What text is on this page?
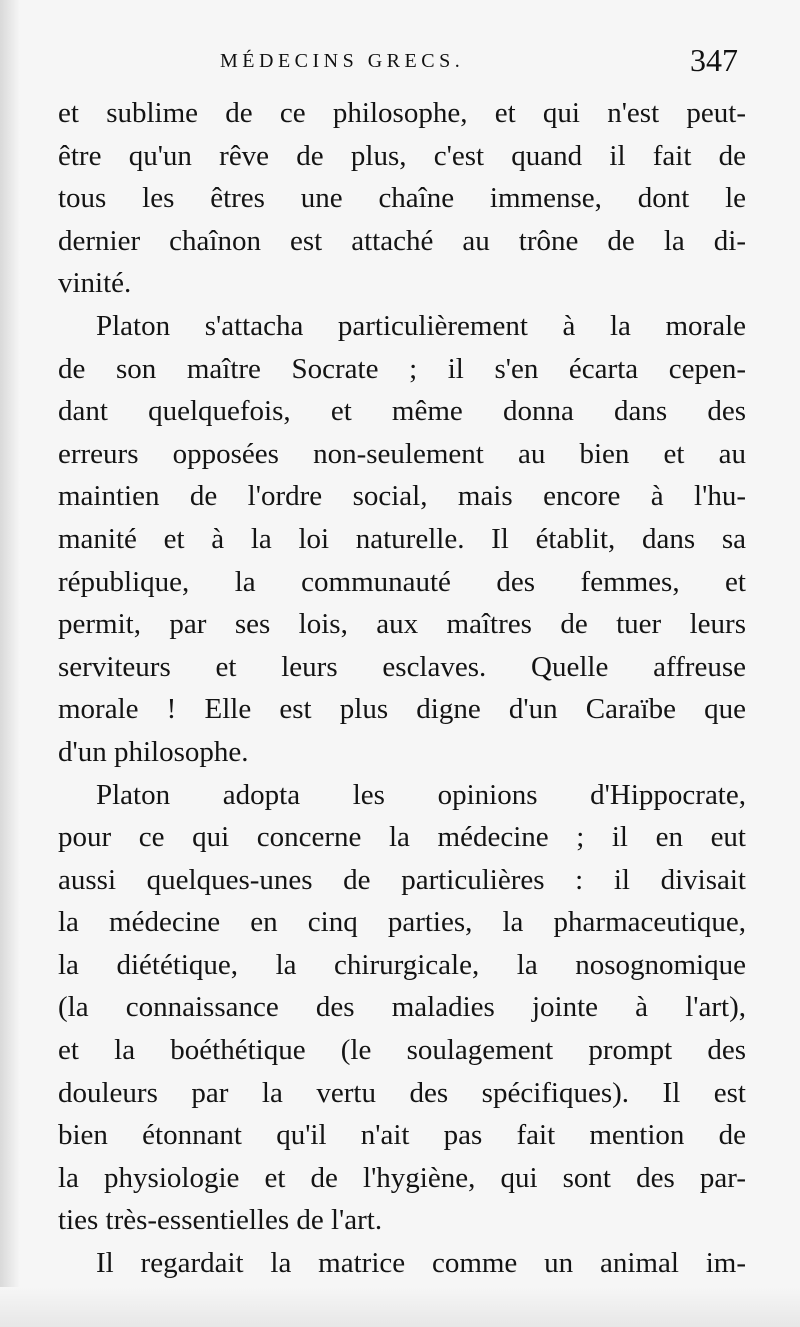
MÉDECINS GRECS.	347
et sublime de ce philosophe, et qui n'est peut-
être qu'un rêve de plus, c'est quand il fait de
tous les êtres une chaîne immense, dont le
dernier chaînon est attaché au trône de la di-
vinité.
Platon s'attacha particulièrement à la morale
de son maître Socrate ; il s'en écarta cepen-
dant quelquefois, et même donna dans des
erreurs opposées non-seulement au bien et au
maintien de l'ordre social, mais encore à l'hu-
manité et à la loi naturelle. Il établit, dans sa
république, la communauté des femmes, et
permit, par ses lois, aux maîtres de tuer leurs
serviteurs et leurs esclaves. Quelle affreuse
morale ! Elle est plus digne d'un Caraïbe que
d'un philosophe.
Platon adopta les opinions d'Hippocrate,
pour ce qui concerne la médecine ; il en eut
aussi quelques-unes de particulières : il divisait
la médecine en cinq parties, la pharmaceutique,
la diététique, la chirurgicale, la nosognomique
(la connaissance des maladies jointe à l'art),
et la boéthétique (le soulagement prompt des
douleurs par la vertu des spécifiques). Il est
bien étonnant qu'il n'ait pas fait mention de
la physiologie et de l'hygiène, qui sont des par-
ties très-essentielles de l'art.
Il regardait la matrice comme un animal im-
